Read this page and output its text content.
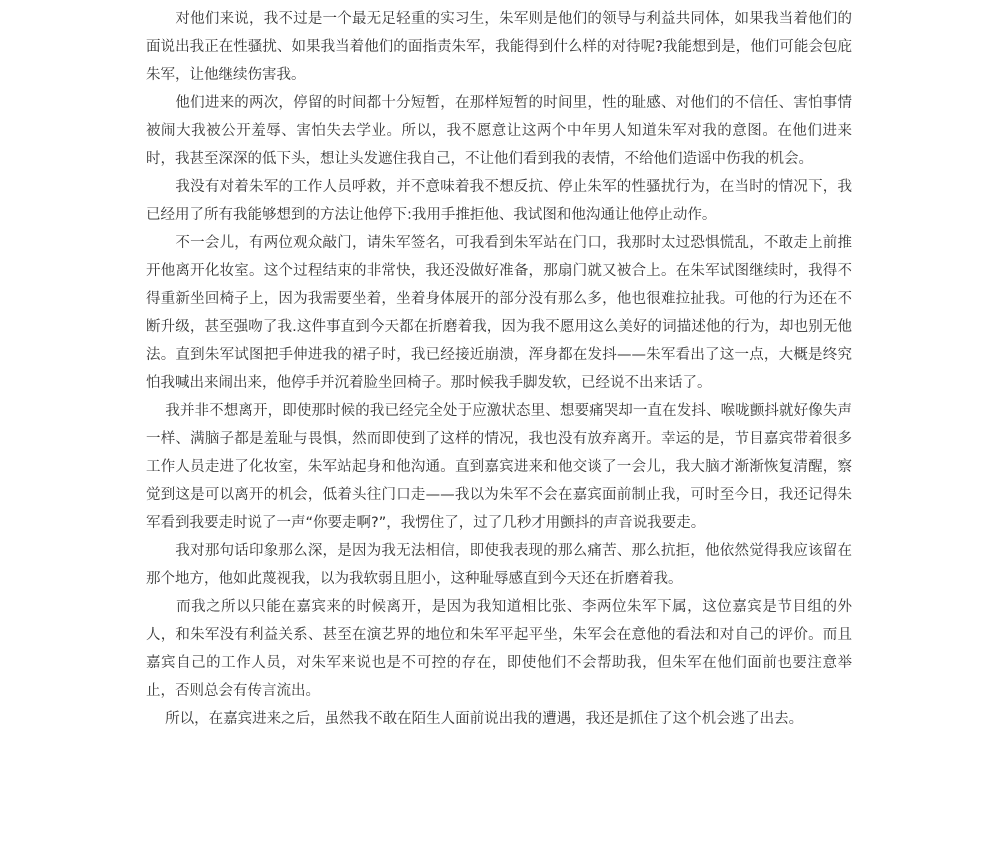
　　对他们来说，我不过是一个最无足轻重的实习生，朱军则是他们的领导与利益共同体，如果我当着他们的面说出我正在性骚扰、如果我当着他们的面指责朱军，我能得到什么样的对待呢?我能想到是，他们可能会包庇朱军，让他继续伤害我。

　　他们进来的两次，停留的时间都十分短暂，在那样短暂的时间里，性的耻感、对他们的不信任、害怕事情被闹大我被公开羞辱、害怕失去学业。所以，我不愿意让这两个中年男人知道朱军对我的意图。在他们进来时，我甚至深深的低下头，想让头发遮住我自己，不让他们看到我的表情，不给他们造谣中伤我的机会。

　　我没有对着朱军的工作人员呼救，并不意味着我不想反抗、停止朱军的性骚扰行为，在当时的情况下，我已经用了所有我能够想到的方法让他停下:我用手推拒他、我试图和他沟通让他停止动作。

　　不一会儿，有两位观众敲门，请朱军签名，可我看到朱军站在门口，我那时太过恐惧慌乱，不敢走上前推开他离开化妆室。这个过程结束的非常快，我还没做好准备，那扇门就又被合上。在朱军试图继续时，我得不得重新坐回椅子上，因为我需要坐着，坐着身体展开的部分没有那么多，他也很难拉扯我。可他的行为还在不断升级，甚至强吻了我.这件事直到今天都在折磨着我，因为我不愿用这么美好的词描述他的行为，却也别无他法。直到朱军试图把手伸进我的裙子时，我已经接近崩溃，浑身都在发抖——朱军看出了这一点，大概是终究怕我喊出来闹出来，他停手并沉着脸坐回椅子。那时候我手脚发软，已经说不出来话了。

　 我并非不想离开，即使那时候的我已经完全处于应激状态里、想要痛哭却一直在发抖、喉咙颤抖就好像失声一样、满脑子都是羞耻与畏惧，然而即使到了这样的情况，我也没有放弃离开。幸运的是，节目嘉宾带着很多工作人员走进了化妆室，朱军站起身和他沟通。直到嘉宾进来和他交谈了一会儿，我大脑才渐渐恢复清醒，察觉到这是可以离开的机会，低着头往门口走——我以为朱军不会在嘉宾面前制止我，可时至今日，我还记得朱军看到我要走时说了一声“你要走啊?”，我愣住了，过了几秒才用颤抖的声音说我要走。

　　我对那句话印象那么深，是因为我无法相信，即使我表现的那么痛苦、那么抗拒，他依然觉得我应该留在那个地方，他如此蔑视我，以为我软弱且胆小，这种耻辱感直到今天还在折磨着我。

　　而我之所以只能在嘉宾来的时候离开，是因为我知道相比张、李两位朱军下属，这位嘉宾是节目组的外人，和朱军没有利益关系、甚至在演艺界的地位和朱军平起平坐，朱军会在意他的看法和对自己的评价。而且嘉宾自己的工作人员，对朱军来说也是不可控的存在，即使他们不会帮助我，但朱军在他们面前也要注意举止，否则总会有传言流出。

　 所以，在嘉宾进来之后，虽然我不敢在陌生人面前说出我的遭遇，我还是抓住了这个机会逃了出去。
